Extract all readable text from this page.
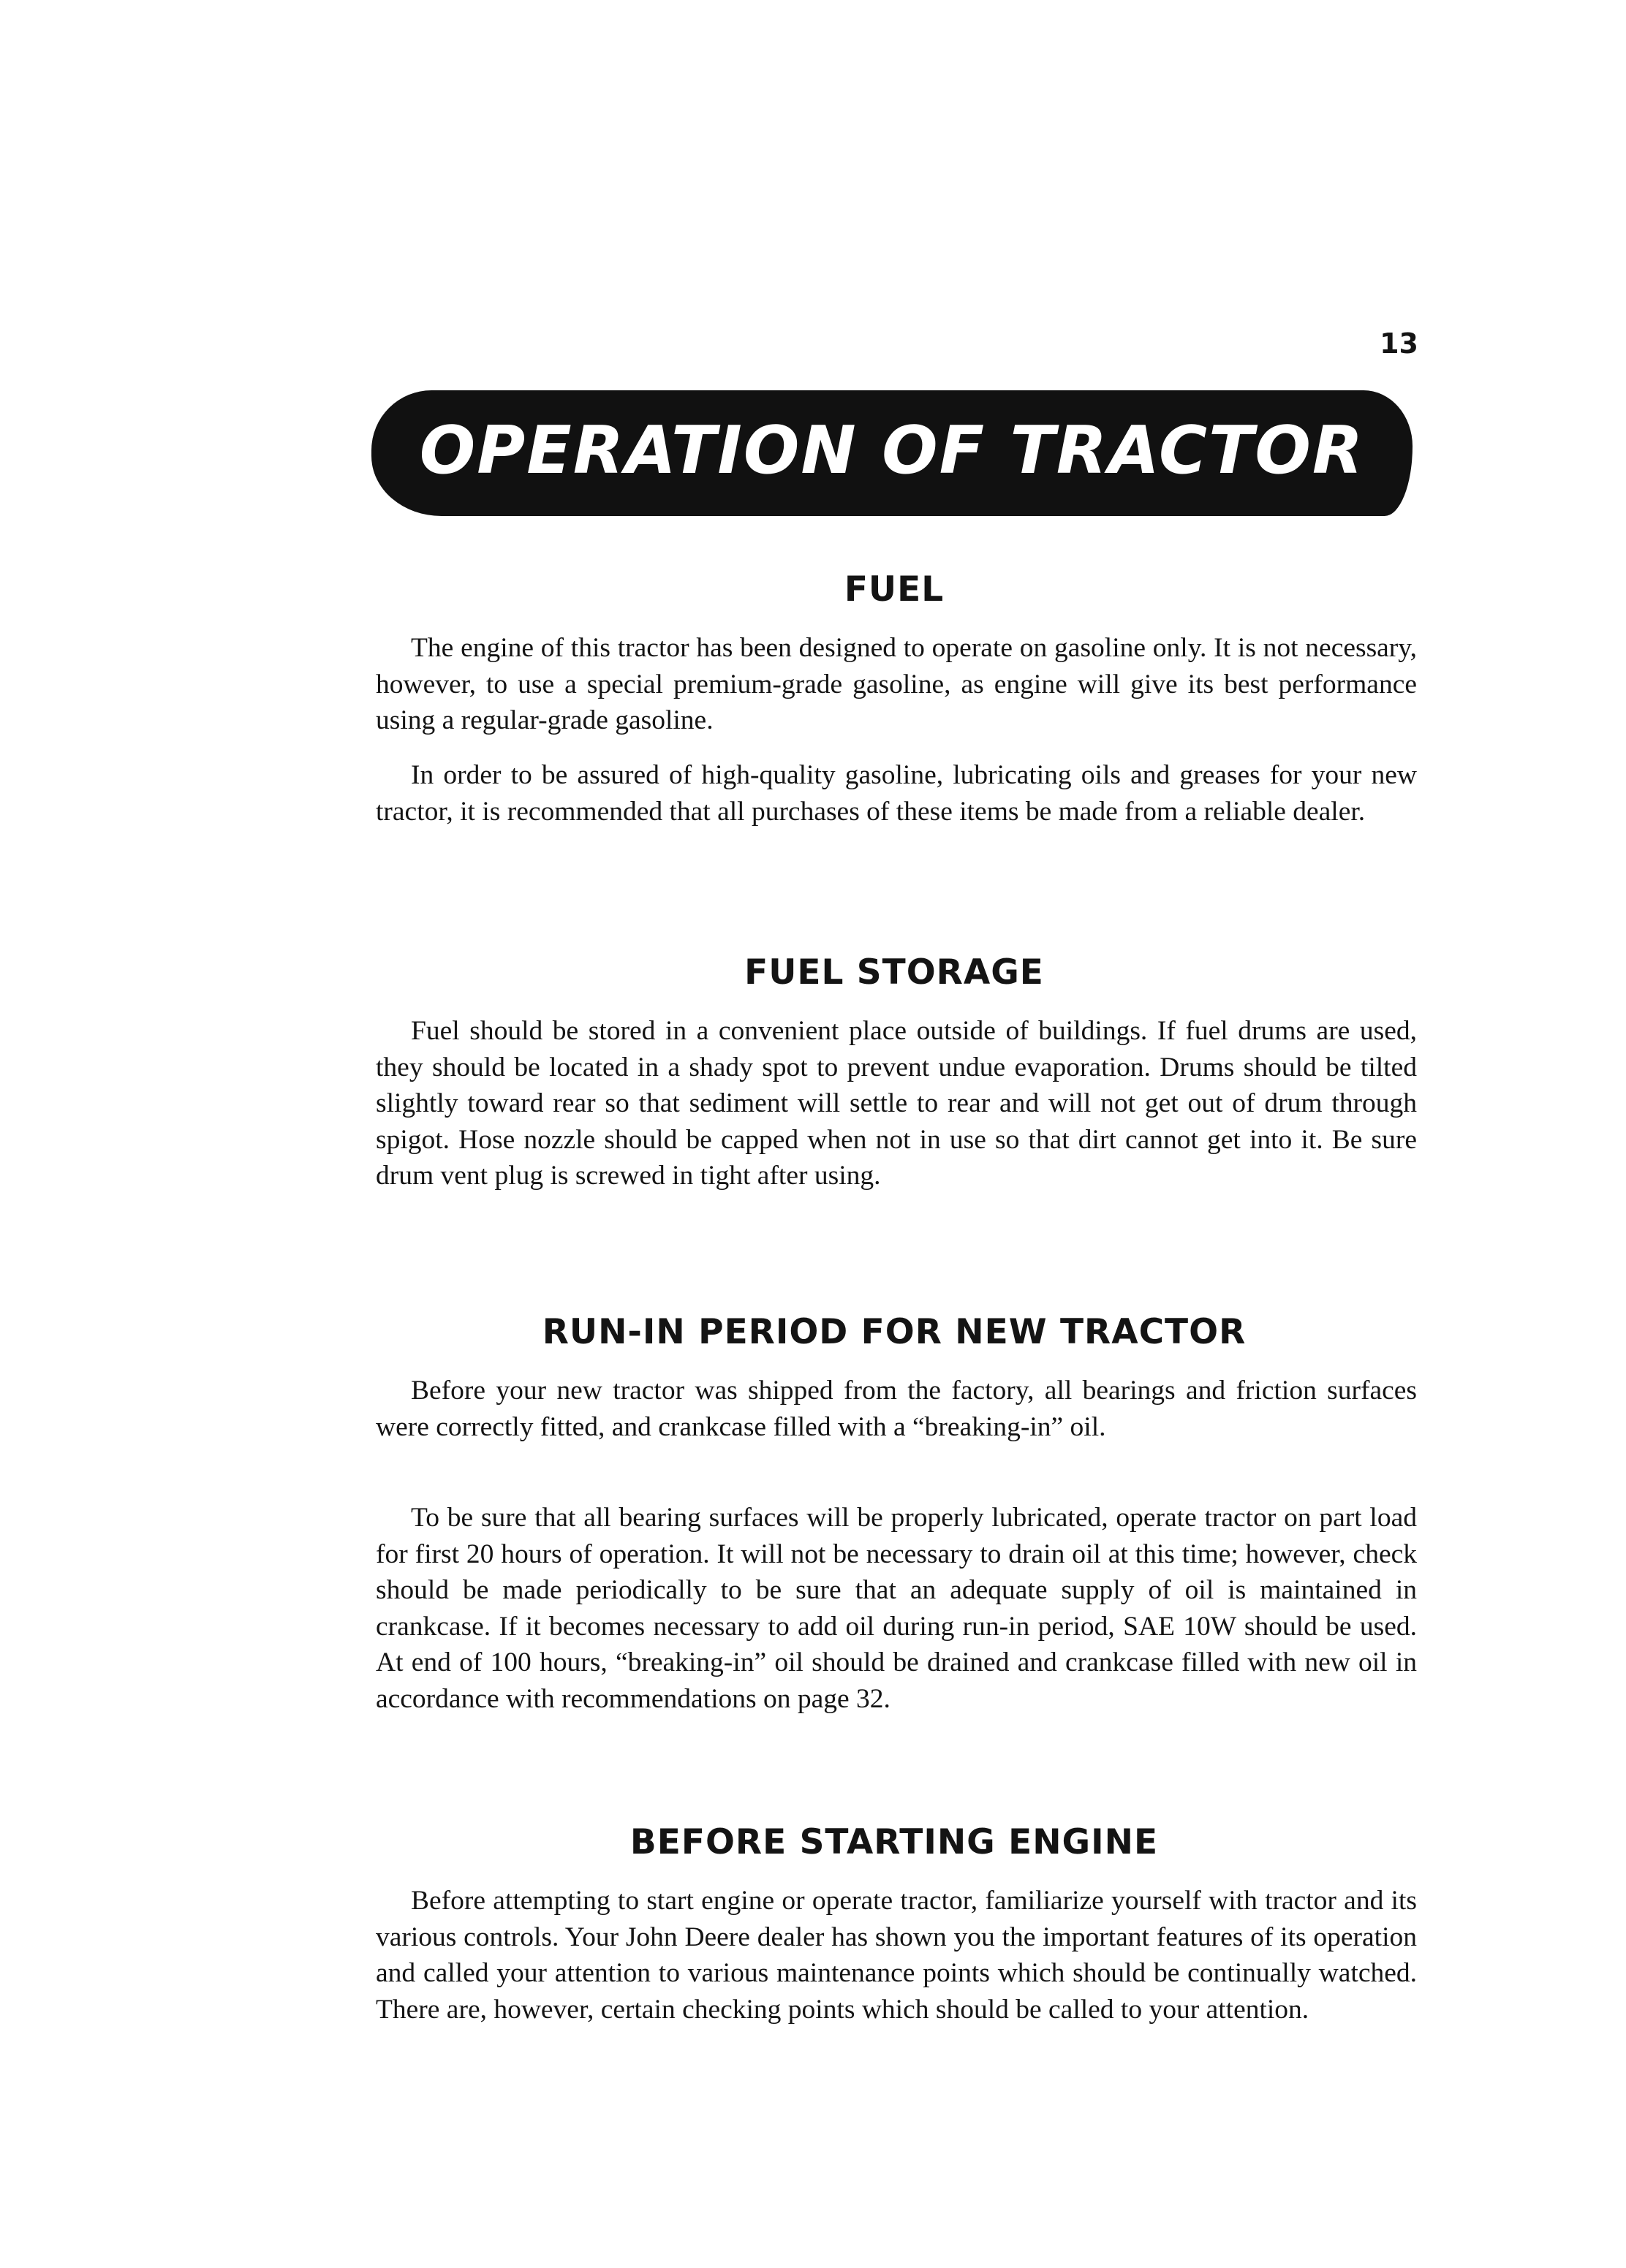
13
OPERATION OF TRACTOR
FUEL

The engine of this tractor has been designed to operate on gasoline only. It is not necessary, however, to use a special premium-grade gasoline, as engine will give its best performance using a regular-grade gasoline.

In order to be assured of high-quality gasoline, lubricating oils and greases for your new tractor, it is recommended that all purchases of these items be made from a reliable dealer.

FUEL STORAGE

Fuel should be stored in a convenient place outside of buildings. If fuel drums are used, they should be located in a shady spot to prevent undue evaporation. Drums should be tilted slightly toward rear so that sediment will settle to rear and will not get out of drum through spigot. Hose nozzle should be capped when not in use so that dirt cannot get into it. Be sure drum vent plug is screwed in tight after using.

RUN-IN PERIOD FOR NEW TRACTOR

Before your new tractor was shipped from the factory, all bearings and friction surfaces were correctly fitted, and crankcase filled with a “breaking-in” oil.

To be sure that all bearing surfaces will be properly lubricated, operate tractor on part load for first 20 hours of operation. It will not be necessary to drain oil at this time; however, check should be made periodically to be sure that an adequate supply of oil is maintained in crankcase. If it becomes necessary to add oil during run-in period, SAE 10W should be used. At end of 100 hours, “breaking-in” oil should be drained and crankcase filled with new oil in accordance with recommendations on page 32.

BEFORE STARTING ENGINE

Before attempting to start engine or operate tractor, familiarize yourself with tractor and its various controls. Your John Deere dealer has shown you the important features of its operation and called your attention to various maintenance points which should be continually watched. There are, however, certain checking points which should be called to your attention.
